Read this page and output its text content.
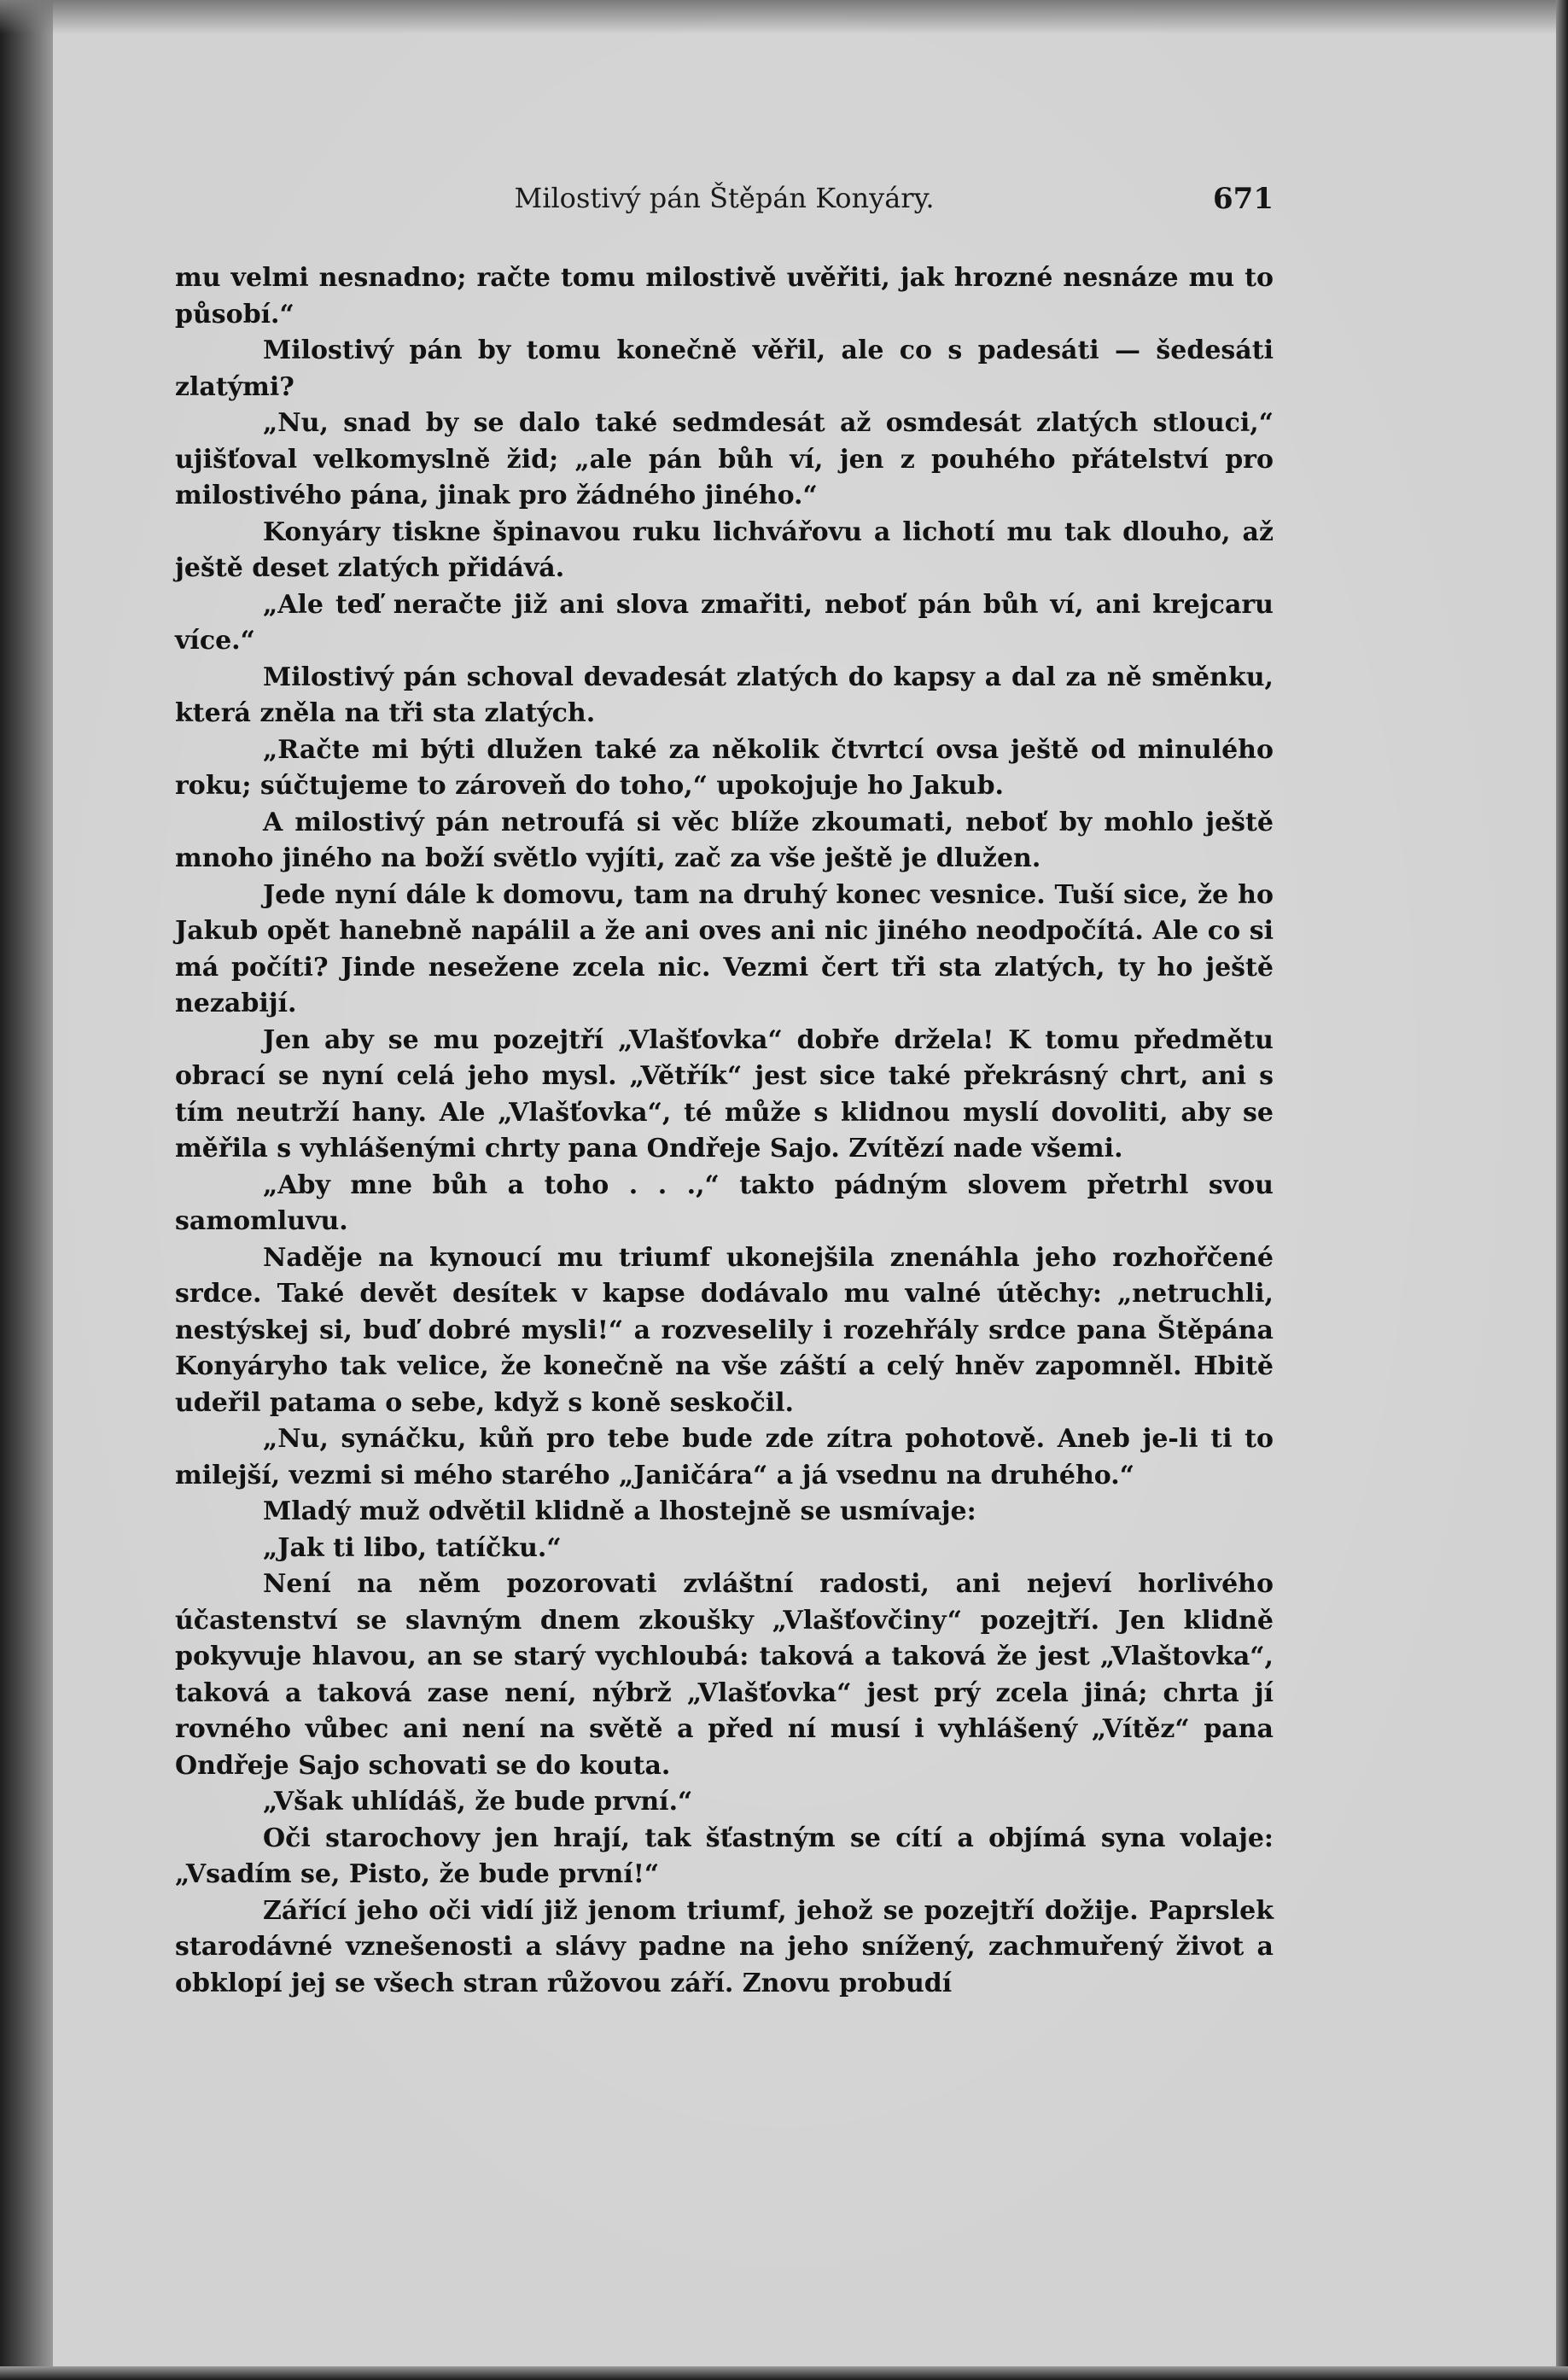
Milostivý pán Štěpán Konyáry.	671

mu velmi nesnadno; račte tomu milostivě uvěřiti, jak hrozné nesnáze mu to působí.“

Milostivý pán by tomu konečně věřil, ale co s padesáti — šedesáti zlatými?

„Nu, snad by se dalo také sedmdesát až osmdesát zlatých stlouci,“ ujišťoval velkomyslně žid; „ale pán bůh ví, jen z pouhého přátelství pro milostivého pána, jinak pro žádného jiného.“

Konyáry tiskne špinavou ruku lichvářovu a lichotí mu tak dlouho, až ještě deset zlatých přidává.

„Ale teď neračte již ani slova zmařiti, neboť pán bůh ví, ani krejcaru více.“

Milostivý pán schoval devadesát zlatých do kapsy a dal za ně směnku, která zněla na tři sta zlatých.

„Račte mi býti dlužen také za několik čtvrtcí ovsa ještě od minulého roku; súčtujeme to zároveň do toho,“ upokojuje ho Jakub.

A milostivý pán netroufá si věc blíže zkoumati, neboť by mohlo ještě mnoho jiného na boží světlo vyjíti, zač za vše ještě je dlužen.

Jede nyní dále k domovu, tam na druhý konec vesnice. Tuší sice, že ho Jakub opět hanebně napálil a že ani oves ani nic jiného neodpočítá. Ale co si má počíti? Jinde nesežene zcela nic. Vezmi čert tři sta zlatých, ty ho ještě nezabijí.

Jen aby se mu pozejtří „Vlašťovka“ dobře držela! K tomu předmětu obrací se nyní celá jeho mysl. „Větřík“ jest sice také překrásný chrt, ani s tím neutrží hany. Ale „Vlašťovka“, té může s klidnou myslí dovoliti, aby se měřila s vyhlášenými chrty pana Ondřeje Sajo. Zvítězí nade všemi.

„Aby mne bůh a toho . . .,“ takto pádným slovem přetrhl svou samomluvu.

Naděje na kynoucí mu triumf ukonejšila znenáhla jeho rozhořčené srdce. Také devět desítek v kapse dodávalo mu valné útěchy: „netruchli, nestýskej si, buď dobré mysli!“ a rozveselily i rozehřály srdce pana Štěpána Konyáryho tak velice, že konečně na vše záští a celý hněv zapomněl. Hbitě udeřil patama o sebe, když s koně seskočil.

„Nu, synáčku, kůň pro tebe bude zde zítra pohotově. Aneb je-li ti to milejší, vezmi si mého starého „Janičára“ a já vsednu na druhého.“

Mladý muž odvětil klidně a lhostejně se usmívaje:

„Jak ti libo, tatíčku.“

Není na něm pozorovati zvláštní radosti, ani nejeví horlivého účastenství se slavným dnem zkoušky „Vlašťovčiny“ pozejtří. Jen klidně pokyvuje hlavou, an se starý vychloubá: taková a taková že jest „Vlaštovka“, taková a taková zase není, nýbrž „Vlašťovka“ jest prý zcela jiná; chrta jí rovného vůbec ani není na světě a před ní musí i vyhlášený „Vítěz“ pana Ondřeje Sajo schovati se do kouta.

„Však uhlídáš, že bude první.“

Oči starochovy jen hrají, tak šťastným se cítí a objímá syna volaje: „Vsadím se, Pisto, že bude první!“

Zářící jeho oči vidí již jenom triumf, jehož se pozejtří dožije. Paprslek starodávné vznešenosti a slávy padne na jeho snížený, zachmuřený život a obklopí jej se všech stran růžovou září. Znovu probudí
